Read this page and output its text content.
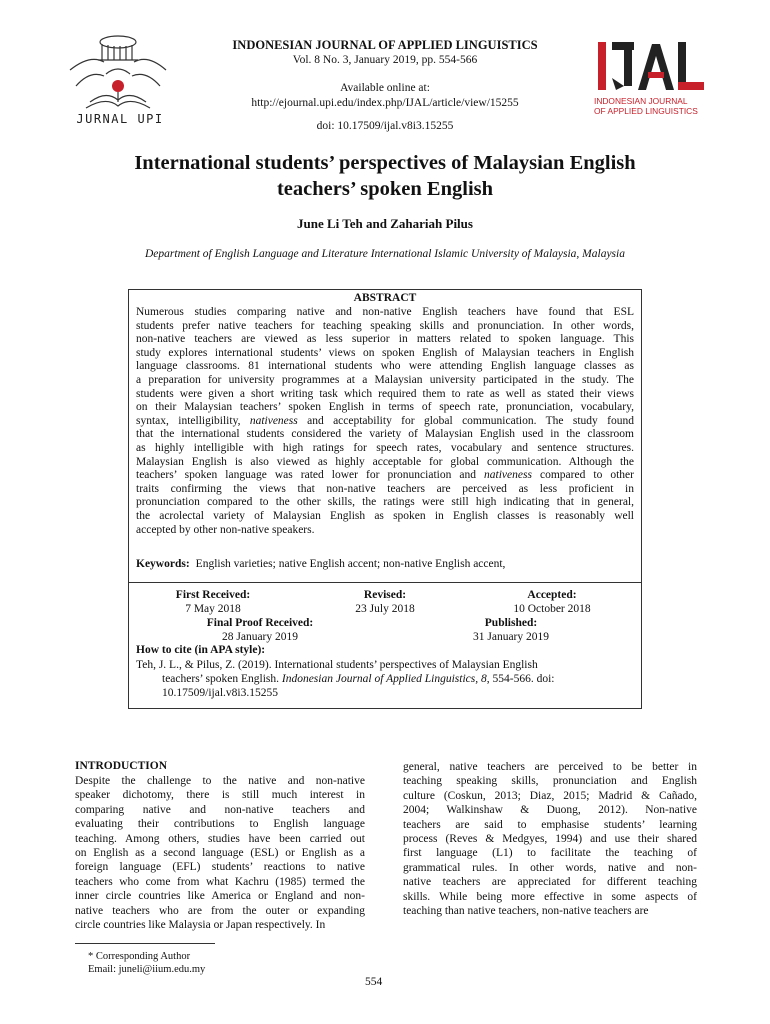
JURNAL UPI
INDONESIAN JOURNAL
OF APPLIED LINGUISTICS
INDONESIAN JOURNAL OF APPLIED LINGUISTICS
Vol. 8 No. 3, January 2019, pp. 554-566
Available online at:
http://ejournal.upi.edu/index.php/IJAL/article/view/15255
doi: 10.17509/ijal.v8i3.15255
International students’ perspectives of Malaysian English
teachers’ spoken English
June Li Teh and Zahariah Pilus
Department of English Language and Literature International Islamic University of Malaysia, Malaysia
ABSTRACT
Numerous studies comparing native and non-native English teachers have found that ESL
students prefer native teachers for teaching speaking skills and pronunciation. In other words,
non-native teachers are viewed as less superior in matters related to spoken language. This
study explores international students’ views on spoken English of Malaysian teachers in English
language classrooms. 81 international students who were attending English language classes as
a preparation for university programmes at a Malaysian university participated in the study. The
students were given a short writing task which required them to rate as well as stated their views
on their Malaysian teachers’ spoken English in terms of speech rate, pronunciation, vocabulary,
syntax, intelligibility, nativeness and acceptability for global communication. The study found
that the international students considered the variety of Malaysian English used in the classroom
as highly intelligible with high ratings for speech rates, vocabulary and sentence structures.
Malaysian English is also viewed as highly acceptable for global communication. Although the
teachers’ spoken language was rated lower for pronunciation and nativeness compared to other
traits confirming the views that non-native teachers are perceived as less proficient in
pronunciation compared to the other skills, the ratings were still high indicating that in general,
the acrolectal variety of Malaysian English as spoken in English classes is reasonably well
accepted by other non-native speakers.
Keywords: English varieties; native English accent; non-native English accent,
First Received:
7 May 2018
Revised:
23 July 2018
Accepted:
10 October 2018
Final Proof Received:
28 January 2019
Published:
31 January 2019
How to cite (in APA style):
Teh, J. L., & Pilus, Z. (2019). International students’ perspectives of Malaysian English
teachers’ spoken English. Indonesian Journal of Applied Linguistics, 8, 554-566. doi:
10.17509/ijal.v8i3.15255
INTRODUCTION
Despite the challenge to the native and non-native
speaker dichotomy, there is still much interest in
comparing native and non-native teachers and
evaluating their contributions to English language
teaching. Among others, studies have been carried out
on English as a second language (ESL) or English as a
foreign language (EFL) students’ reactions to native
teachers who come from what Kachru (1985) termed the
inner circle countries like America or England and non-
native teachers who are from the outer or expanding
circle countries like Malaysia or Japan respectively. In
general, native teachers are perceived to be better in
teaching speaking skills, pronunciation and English
culture (Coskun, 2013; Diaz, 2015; Madrid & Cañado,
2004; Walkinshaw & Duong, 2012). Non-native
teachers are said to emphasise students’ learning
process (Reves & Medgyes, 1994) and use their shared
first language (L1) to facilitate the teaching of
grammatical rules. In other words, native and non-
native teachers are appreciated for different teaching
skills. While being more effective in some aspects of
teaching than native teachers, non-native teachers are
* Corresponding Author
Email: juneli@iium.edu.my
554
